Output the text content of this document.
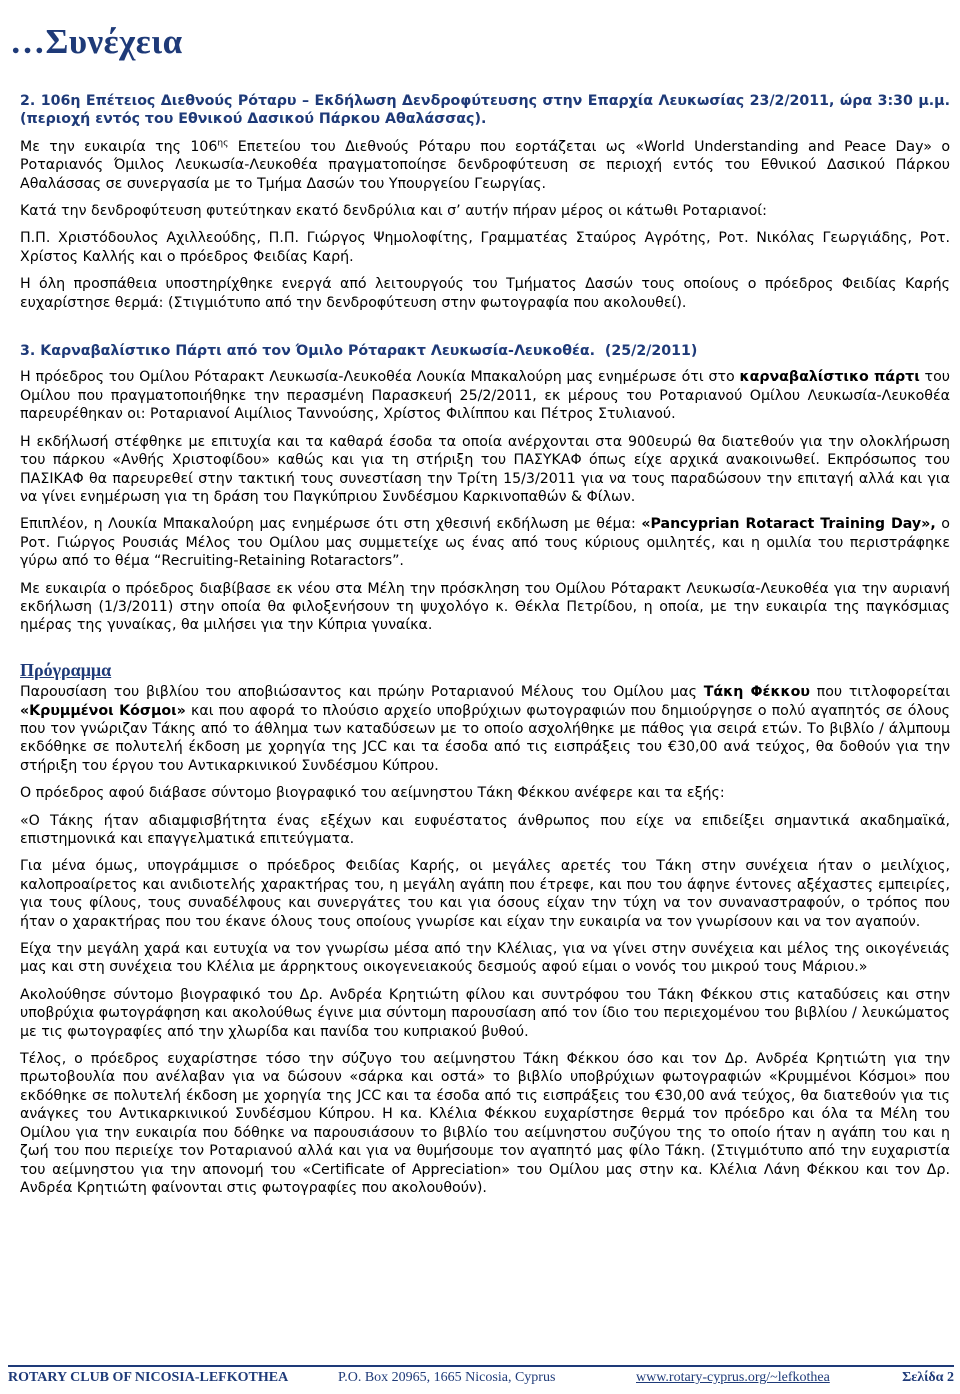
…Συνέχεια

2. 106η Επέτειος Διεθνούς Ρόταρυ – Εκδήλωση Δενδροφύτευσης στην Επαρχία Λευκωσίας 23/2/2011, ώρα 3:30 μ.μ. (περιοχή εντός του Εθνικού Δασικού Πάρκου Αθαλάσσας).

Με την ευκαιρία της $106^{\eta\varsigma}$ Επετείου του Διεθνούς Ρόταρυ που εορτάζεται ως «World Understanding and Peace Day» ο Ρoταριανός Όμιλος Λευκωσία-Λευκοθέα πραγματοποίησε δενδροφύτευση σε περιοχή εντός του Εθνικού Δασικού Πάρκου Αθαλάσσας σε συνεργασία με το Τμήμα Δασών του Υπουργείου Γεωργίας.

Κατά την δενδροφύτευση φυτεύτηκαν εκατό δενδρύλια και σ’ αυτήν πήραν μέρος οι κάτωθι Ροταριανοί:

Π.Π. Χριστόδουλος Αχιλλεούδης, Π.Π. Γιώργος Ψημολοφίτης, Γραμματέας Σταύρος Αγρότης, Ροτ. Νικόλας Γεωργιάδης, Ροτ. Χρίστος Καλλής και ο πρόεδρος Φειδίας Καρή.

Η όλη προσπάθεια υποστηρίχθηκε ενεργά από λειτουργούς του Τμήματος Δασών τους οποίους ο πρόεδρος Φειδίας Καρής ευχαρίστησε θερμά: (Στιγμιότυπο από την δενδροφύτευση στην φωτογραφία που ακολουθεί).

3. Καρναβαλίστικο Πάρτι από τον Όμιλο Ρόταρακτ Λευκωσία-Λευκοθέα. (25/2/2011)

Η πρόεδρος του Ομίλου Ρόταρακτ Λευκωσία-Λευκοθέα Λουκία Μπακαλούρη μας ενημέρωσε ότι στο καρναβαλίστικο πάρτι του Ομίλου που πραγματοποιήθηκε την περασμένη Παρασκευή 25/2/2011, εκ μέρους του Ροταριανού Ομίλου Λευκωσία-Λευκοθέα παρευρέθηκαν οι: Ροταριανοί Αιμίλιος Ταννούσης, Χρίστος Φιλίππου και Πέτρος Στυλιανού.

Η εκδήλωσή στέφθηκε με επιτυχία και τα καθαρά έσοδα τα οποία ανέρχονται στα 900ευρώ θα διατεθούν για την ολοκλήρωση του πάρκου «Ανθής Χριστοφίδου» καθώς και για τη στήριξη του ΠΑΣΥΚΑΦ όπως είχε αρχικά ανακοινωθεί. Εκπρόσωπος του ΠΑΣΙΚΑΦ θα παρευρεθεί στην τακτική τους συνεστίαση την Τρίτη 15/3/2011 για να τους παραδώσουν την επιταγή αλλά και για να γίνει ενημέρωση για τη δράση του Παγκύπριου Συνδέσμου Καρκινοπαθών & Φίλων.

Επιπλέον, η Λουκία Μπακαλούρη μας ενημέρωσε ότι στη χθεσινή εκδήλωση με θέμα: «Pancyprian Rotaract Training Day», ο Ροτ. Γιώργος Ρουσιάς Μέλος του Ομίλου μας συμμετείχε ως ένας από τους κύριους ομιλητές, και η ομιλία του περιστράφηκε γύρω από το θέμα “Recruiting-Retaining Rotaractors”.

Με ευκαιρία ο πρόεδρος διαβίβασε εκ νέου στα Μέλη την πρόσκληση του Ομίλου Ρόταρακτ Λευκωσία-Λευκοθέα για την αυριανή εκδήλωση (1/3/2011) στην οποία θα φιλοξενήσουν τη ψυχολόγο κ. Θέκλα Πετρίδου, η οποία, με την ευκαιρία της παγκόσμιας ημέρας της γυναίκας, θα μιλήσει για την Κύπρια γυναίκα.

Πρόγραμμα

Παρουσίαση του βιβλίου του αποβιώσαντος και πρώην Ροταριανού Μέλους του Ομίλου μας Τάκη Φέκκου που τιτλοφορείται «Κρυμμένοι Κόσμοι» και που αφορά το πλούσιο αρχείο υποβρύχιων φωτογραφιών που δημιούργησε ο πολύ αγαπητός σε όλους που τον γνώριζαν Τάκης από το άθλημα των καταδύσεων με το οποίο ασχολήθηκε με πάθος για σειρά ετών. Το βιβλίο / άλμπουμ εκδόθηκε σε πολυτελή έκδοση με χορηγία της JCC και τα έσοδα από τις εισπράξεις του €30,00 ανά τεύχος, θα δοθούν για την στήριξη του έργου του Αντικαρκινικού Συνδέσμου Κύπρου.

Ο πρόεδρος αφού διάβασε σύντομο βιογραφικό του αείμνηστου Τάκη Φέκκου ανέφερε και τα εξής:

«Ο Τάκης ήταν αδιαμφισβήτητα ένας εξέχων και ευφυέστατος άνθρωπος που είχε να επιδείξει σημαντικά ακαδημαϊκά, επιστημονικά και επαγγελματικά επιτεύγματα.

Για μένα όμως, υπογράμμισε ο πρόεδρος Φειδίας Καρής, οι μεγάλες αρετές του Τάκη στην συνέχεια ήταν ο μειλίχιος, καλοπροαίρετος και ανιδιοτελής χαρακτήρας του, η μεγάλη αγάπη που έτρεφε, και που του άφηνε έντονες αξέχαστες εμπειρίες, για τους φίλους, τους συναδέλφους και συνεργάτες του και για όσους είχαν την τύχη να τον συναναστραφούν, ο τρόπος που ήταν ο χαρακτήρας που του έκανε όλους τους οποίους γνωρίσε και είχαν την ευκαιρία να τον γνωρίσουν και να τον αγαπούν.

Είχα την μεγάλη χαρά και ευτυχία να τον γνωρίσω μέσα από την Κλέλιας, για να γίνει στην συνέχεια και μέλος της οικογένειάς μας και στη συνέχεια του Κλέλια με άρρηκτους οικογενειακούς δεσμούς αφού είμαι ο νονός του μικρού τους Μάριου.»

Ακολούθησε σύντομο βιογραφικό του Δρ. Ανδρέα Κρητιώτη φίλου και συντρόφου του Τάκη Φέκκου στις καταδύσεις και στην υποβρύχια φωτογράφηση και ακολούθως έγινε μια σύντομη παρουσίαση από τον ίδιο του περιεχομένου του βιβλίου / λευκώματος με τις φωτογραφίες από την χλωρίδα και πανίδα του κυπριακού βυθού.

Τέλος, ο πρόεδρος ευχαρίστησε τόσο την σύζυγο του αείμνηστου Τάκη Φέκκου όσο και τον Δρ. Ανδρέα Κρητιώτη για την πρωτοβουλία που ανέλαβαν για να δώσουν «σάρκα και οστά» το βιβλίο υποβρύχιων φωτογραφιών «Κρυμμένοι Κόσμοι» που εκδόθηκε σε πολυτελή έκδοση με χορηγία της JCC και τα έσοδα από τις εισπράξεις του €30,00 ανά τεύχος, θα διατεθούν για τις ανάγκες του Αντικαρκινικού Συνδέσμου Κύπρου. Η κα. Κλέλια Φέκκου ευχαρίστησε θερμά τον πρόεδρο και όλα τα Μέλη του Ομίλου για την ευκαιρία που δόθηκε να παρουσιάσουν το βιβλίο του αείμνηστου συζύγου της το οποίο ήταν η αγάπη του και η ζωή του που περιείχε τον Ροταριανού αλλά και για να θυμήσουμε τον αγαπητό μας φίλο Τάκη. (Στιγμιότυπο από την ευχαριστία του αείμνηστου για την απονομή του «Certificate of Appreciation» του Ομίλου μας στην κα. Κλέλια Λάνη Φέκκου και τον Δρ. Ανδρέα Κρητιώτη φαίνονται στις φωτογραφίες που ακολουθούν).

ROTARY CLUB OF NICOSIA-LEFKOTHEA	P.O. Box 20965, 1665 Nicosia, Cyprus	www.rotary-cyprus.org/~lefkothea	Σελίδα 2
